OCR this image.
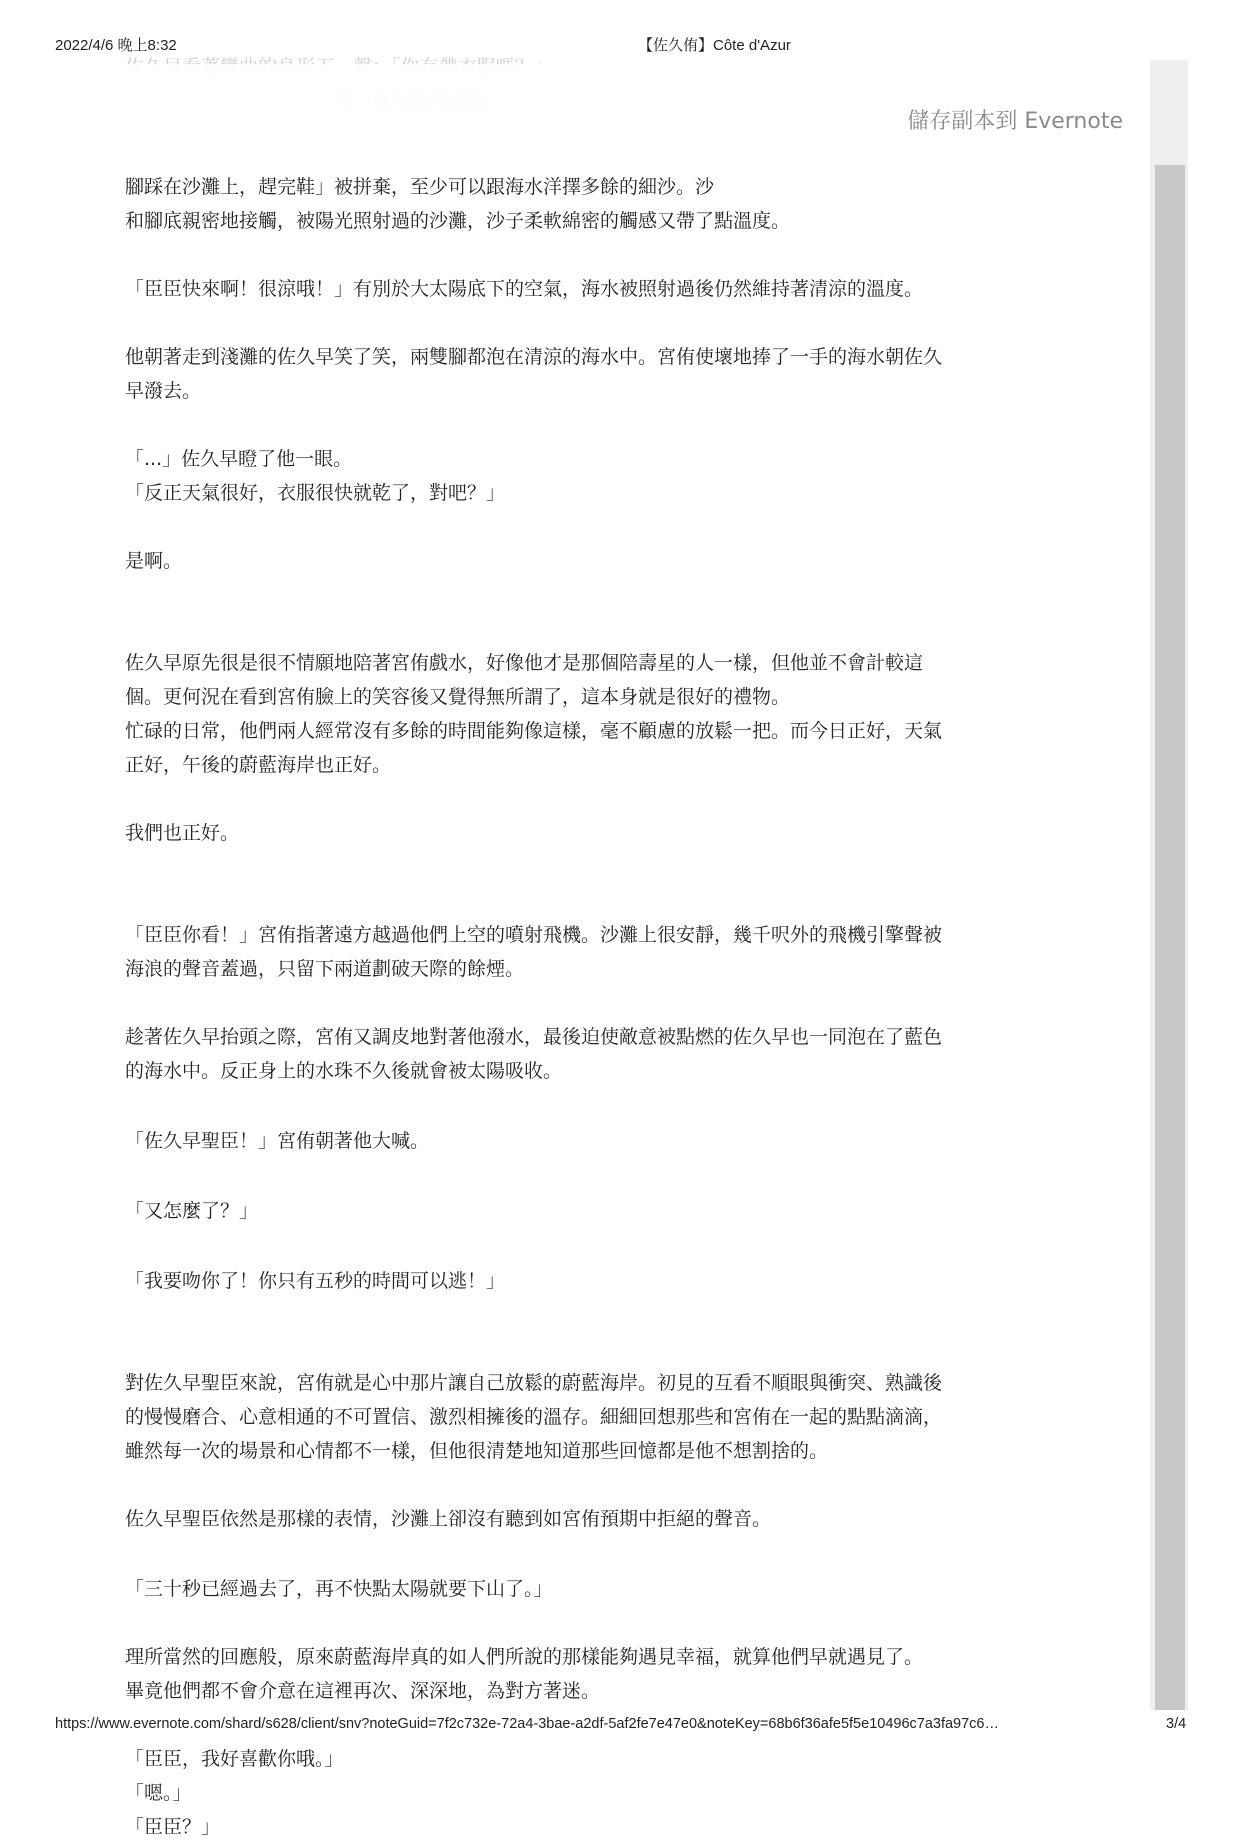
2022/4/6 晚上8:32	【佐久侑】Côte d'Azur

腳踩在沙灘上，趕完鞋」被拼棄，至少可以跟海水洋擇多餘的細沙。沙

和腳底親密地接觸，被陽光照射過的沙灘，沙子柔軟綿密的觸感又帶了點溫度。

「臣臣快來啊！很涼哦！」有別於大太陽底下的空氣，海水被照射過後仍然維持著清涼的溫度。

他朝著走到淺灘的佐久早笑了笑，兩雙腳都泡在清涼的海水中。宮侑使壞地捧了一手的海水朝佐久

早潑去。

「...」佐久早瞪了他一眼。

「反正天氣很好，衣服很快就乾了，對吧？」

是啊。

佐久早原先很是很不情願地陪著宮侑戲水，好像他才是那個陪壽星的人一樣，但他並不會計較這

個。更何況在看到宮侑臉上的笑容後又覺得無所謂了，這本身就是很好的禮物。

忙碌的日常，他們兩人經常沒有多餘的時間能夠像這樣，毫不顧慮的放鬆一把。而今日正好，天氣

正好，午後的蔚藍海岸也正好。

我們也正好。

「臣臣你看！」宮侑指著遠方越過他們上空的噴射飛機。沙灘上很安靜，幾千呎外的飛機引擎聲被

海浪的聲音蓋過，只留下兩道劃破天際的餘煙。

趁著佐久早抬頭之際，宮侑又調皮地對著他潑水，最後迫使敵意被點燃的佐久早也一同泡在了藍色

的海水中。反正身上的水珠不久後就會被太陽吸收。

「佐久早聖臣！」宮侑朝著他大喊。

「又怎麼了？」

「我要吻你了！你只有五秒的時間可以逃！」

對佐久早聖臣來說，宮侑就是心中那片讓自己放鬆的蔚藍海岸。初見的互看不順眼與衝突、熟識後

的慢慢磨合、心意相通的不可置信、激烈相擁後的溫存。細細回想那些和宮侑在一起的點點滴滴，

雖然每一次的場景和心情都不一樣，但他很清楚地知道那些回憶都是他不想割捨的。

佐久早聖臣依然是那樣的表情，沙灘上卻沒有聽到如宮侑預期中拒絕的聲音。

「三十秒已經過去了，再不快點太陽就要下山了。」

理所當然的回應般，原來蔚藍海岸真的如人們所說的那樣能夠遇見幸福，就算他們早就遇見了。

畢竟他們都不會介意在這裡再次、深深地，為對方著迷。

「臣臣，我好喜歡你哦。」

「嗯。」

「臣臣？」

儲存副本到 Evernote
https://www.evernote.com/shard/s628/client/snv?noteGuid=7f2c732e-72a4-3bae-a2df-5af2fe7e47e0&noteKey=68b6f36afe5f5e10496c7a3fa97c6…	3/4
